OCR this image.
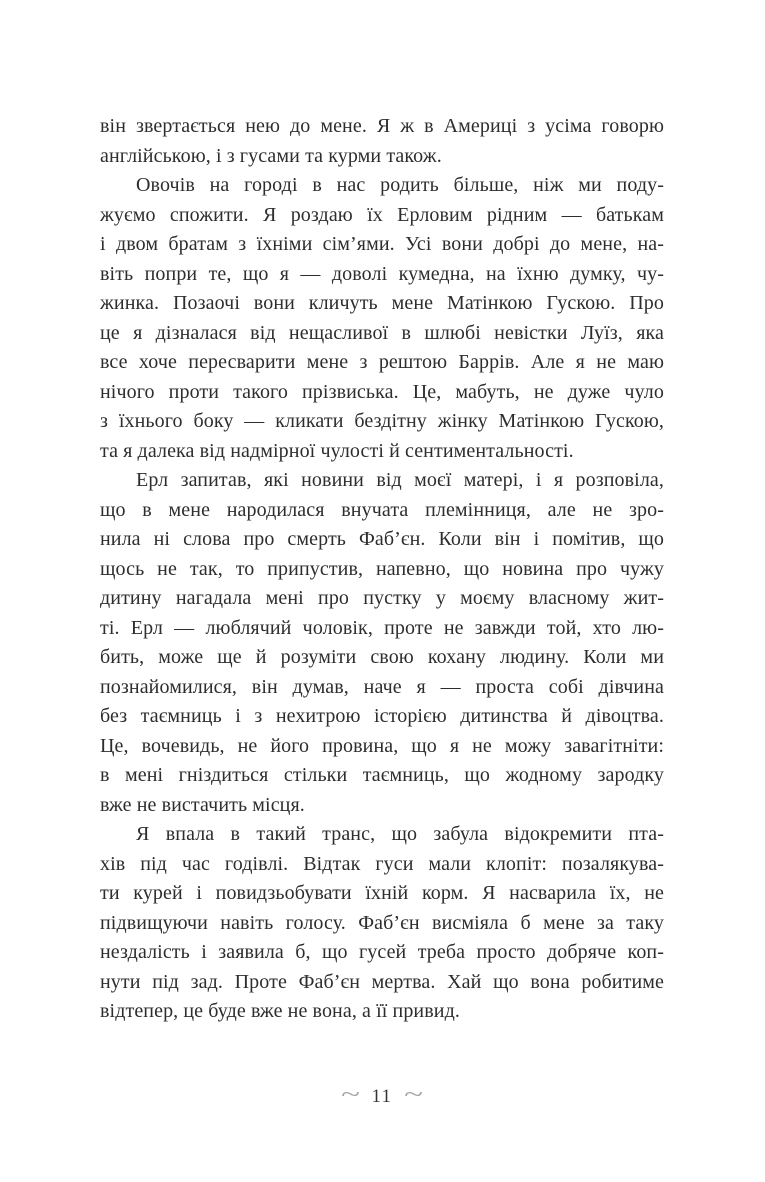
він звертається нею до мене. Я ж в Америці з усіма говорю
англійською, і з гусами та курми також.
Овочів на городі в нас родить більше, ніж ми поду-
жуємо спожити. Я роздаю їх Ерловим рідним — батькам
і двом братам з їхніми сім’ями. Усі вони добрі до мене, на-
віть попри те, що я — доволі кумедна, на їхню думку, чу-
жинка. Позаочі вони кличуть мене Матінкою Гускою. Про
це я дізналася від нещасливої в шлюбі невістки Луїз, яка
все хоче пересварити мене з рештою Баррів. Але я не маю
нічого проти такого прізвиська. Це, мабуть, не дуже чуло
з їхнього боку — кликати бездітну жінку Матінкою Гускою,
та я далека від надмірної чулості й сентиментальності.
Ерл запитав, які новини від моєї матері, і я розповіла,
що в мене народилася внучата племінниця, але не зро-
нила ні слова про смерть Фаб’єн. Коли він і помітив, що
щось не так, то припустив, напевно, що новина про чужу
дитину нагадала мені про пустку у моєму власному жит-
ті. Ерл — люблячий чоловік, проте не завжди той, хто лю-
бить, може ще й розуміти свою кохану людину. Коли ми
познайомилися, він думав, наче я — проста собі дівчина
без таємниць і з нехитрою історією дитинства й дівоцтва.
Це, вочевидь, не його провина, що я не можу завагітніти:
в мені гніздиться стільки таємниць, що жодному зародку
вже не вистачить місця.
Я впала в такий транс, що забула відокремити пта-
хів під час годівлі. Відтак гуси мали клопіт: позалякува-
ти курей і повидзьобувати їхній корм. Я насварила їх, не
підвищуючи навіть голосу. Фаб’єн висміяла б мене за таку
нездалість і заявила б, що гусей треба просто добряче коп-
нути під зад. Проте Фаб’єн мертва. Хай що вона робитиме
відтепер, це буде вже не вона, а її привид.
~ 11 ~
